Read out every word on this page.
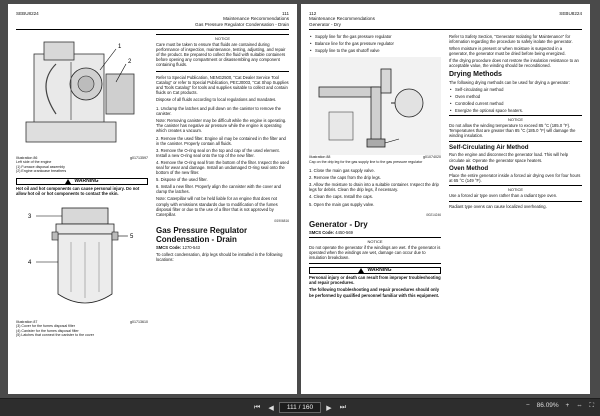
SEBU8224	111
Maintenance Recommendations
Gas Pressure Regulator Condensation - Drain
1
2
Illustration 86	g01713597
Left side of the engine
(1) Furnace disposal assembly
(2) Engine crankcase breathers
WARNING
Hot oil and hot components can cause personal injury. Do not allow hot oil or hot components to contact the skin.
3
4
5
Illustration 87	g01713610
(3) Cover for the fumes disposal filter
(4) Canister for the fumes disposal filter
(5) Latches that connect the canister to the cover
NOTICE
Care must be taken to ensure that fluids are contained during performance of inspection, maintenance, testing, adjusting, and repair of the product. Be prepared to collect the fluid with suitable containers before opening any compartment or disassembling any component containing fluids.
Refer to Special Publication, NENG2500, "Cat Dealer Service Tool Catalog" or refer to Special Publication, PECJ0003, "Cat Shop Supplies and Tools Catalog" for tools and supplies suitable to collect and contain fluids on Cat products.
Dispose of all fluids according to local regulations and mandates.
1. Unclamp the latches and pull down on the canister to remove the canister.
Note: Removing canister may be difficult while the engine is operating. The canister has negative air pressure while the engine is operating which creates a vacuum.
2. Remove the used filter. Engine oil may be contained in the filter and in the canister. Properly contain all fluids.
3. Remove the O-ring seal on the top and cap of the used element. Install a new O-ring seal onto the top of the new filter.
4. Remove the O-ring seal from the bottom of the filter. Inspect the used seal for wear and damage. Install an undamaged O-ring seal onto the bottom of the new filter.
5. Dispose of the used filter.
6. Install a new filter. Properly align the cannister with the cover and clamp the latches.
Note: Caterpillar will not be held liable for an engine that does not comply with emissions standards due to modification of the fumes disposal filter or due to the use of a filter that is not approved by Caterpillar.
i01906816
Gas Pressure Regulator Condensation - Drain
SMCS Code: 1270-543
To collect condensation, drip legs should be installed in the following locations:
112
Maintenance Recommendations
Generator - Dry
SEBU8224
• Supply line for the gas pressure regulator
• Balance line for the gas pressure regulator
• Supply line to the gas shutoff valve
Illustration 88	g01074020
Cap on the drip leg for the gas supply line to the gas pressure regulator
1. Close the main gas supply valve.
2. Remove the caps from the drip legs.
3. Allow the moisture to drain into a suitable container. Inspect the drip legs for debris. Clean the drip legs, if necessary.
4. Clean the caps. Install the caps.
5. Open the main gas supply valve.
i00214246
Generator - Dry
SMCS Code: 4450-569
NOTICE
Do not operate the generator if the windings are wet. If the generator is operated when the windings are wet, damage can occur due to insulation breakdown.
WARNING
Personal injury or death can result from improper troubleshooting and repair procedures.
The following troubleshooting and repair procedures should only be performed by qualified personnel familiar with this equipment.
Refer to Safety Section, "Generator Isolating for Maintenance" for information regarding the procedure to safely isolate the generator.
When moisture is present or when moisture is suspected in a generator, the generator must be dried before being energized.
If the drying procedure does not restore the insulation resistance to an acceptable value, the winding should be reconditioned.
Drying Methods
The following drying methods can be used for drying a generator:
• Self-circulating air method
• Oven method
• Controlled current method
• Energize the optional space heaters.
NOTICE
Do not allow the winding temperature to exceed 85 °C (185.0 °F). Temperatures that are greater than 85 °C (185.0 °F) will damage the winding insulation.
Self-Circulating Air Method
Run the engine and disconnect the generator load. This will help circulate air. Operate the generator space heaters.
Oven Method
Place the entire generator inside a forced air drying oven for four hours at 65 °C (149 °F).
NOTICE
Use a forced air type oven rather than a radiant type oven.
Radiant type ovens can cause localized overheating.
⏮ ◀ 111 / 160 ▶ ⏭	− 86.09% + ⇔ ⛶
